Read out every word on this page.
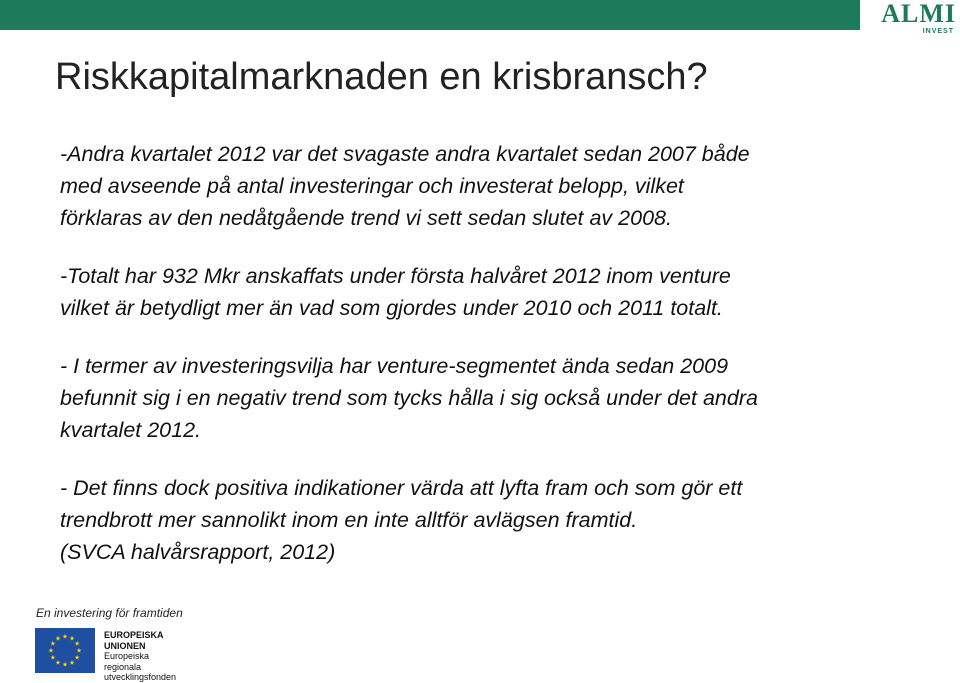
ALMI
INVEST
Riskkapitalmarknaden en krisbransch?

-Andra kvartalet 2012 var det svagaste andra kvartalet sedan 2007 både
med avseende på antal investeringar och investerat belopp, vilket
förklaras av den nedåtgående trend vi sett sedan slutet av 2008.

-Totalt har 932 Mkr anskaffats under första halvåret 2012 inom venture
vilket är betydligt mer än vad som gjordes under 2010 och 2011 totalt.

- I termer av investeringsvilja har venture-segmentet ända sedan 2009
befunnit sig i en negativ trend som tycks hålla i sig också under det andra
kvartalet 2012.

- Det finns dock positiva indikationer värda att lyfta fram och som gör ett
trendbrott mer sannolikt inom en inte alltför avlägsen framtid.
(SVCA halvårsrapport, 2012)

En investering för framtiden
EUROPEISKA
UNIONEN
Europeiska
regionala
utvecklingsfonden
